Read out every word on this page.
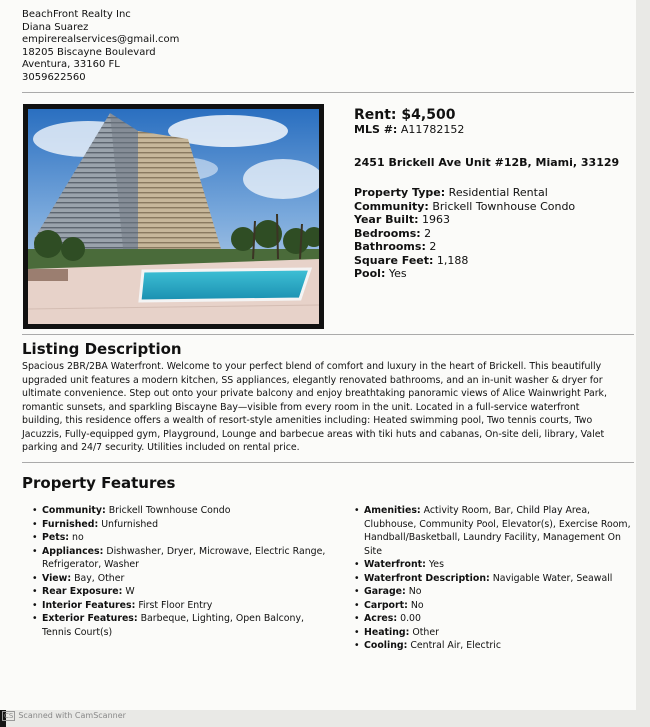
BeachFront Realty Inc
Diana Suarez
empirerealservices@gmail.com
18205 Biscayne Boulevard
Aventura, 33160 FL
3059622560
Rent: $4,500
MLS #: A11782152
2451 Brickell Ave Unit #12B, Miami, 33129
Property Type: Residential Rental
Community: Brickell Townhouse Condo
Year Built: 1963
Bedrooms: 2
Bathrooms: 2
Square Feet: 1,188
Pool: Yes
Listing Description
Spacious 2BR/2BA Waterfront. Welcome to your perfect blend of comfort and luxury in the heart of Brickell. This beautifully upgraded unit features a modern kitchen, SS appliances, elegantly renovated bathrooms, and an in-unit washer & dryer for ultimate convenience. Step out onto your private balcony and enjoy breathtaking panoramic views of Alice Wainwright Park, romantic sunsets, and sparkling Biscayne Bay—visible from every room in the unit. Located in a full-service waterfront building, this residence offers a wealth of resort-style amenities including: Heated swimming pool, Two tennis courts, Two Jacuzzis, Fully-equipped gym, Playground, Lounge and barbecue areas with tiki huts and cabanas, On-site deli, library, Valet parking and 24/7 security. Utilities included on rental price.
Property Features
• Community: Brickell Townhouse Condo
• Furnished: Unfurnished
• Pets: no
• Appliances: Dishwasher, Dryer, Microwave, Electric Range, Refrigerator, Washer
• View: Bay, Other
• Rear Exposure: W
• Interior Features: First Floor Entry
• Exterior Features: Barbeque, Lighting, Open Balcony, Tennis Court(s)
• Amenities: Activity Room, Bar, Child Play Area, Clubhouse, Community Pool, Elevator(s), Exercise Room, Handball/Basketball, Laundry Facility, Management On Site
• Waterfront: Yes
• Waterfront Description: Navigable Water, Seawall
• Garage: No
• Carport: No
• Acres: 0.00
• Heating: Other
• Cooling: Central Air, Electric
CS Scanned with CamScanner
